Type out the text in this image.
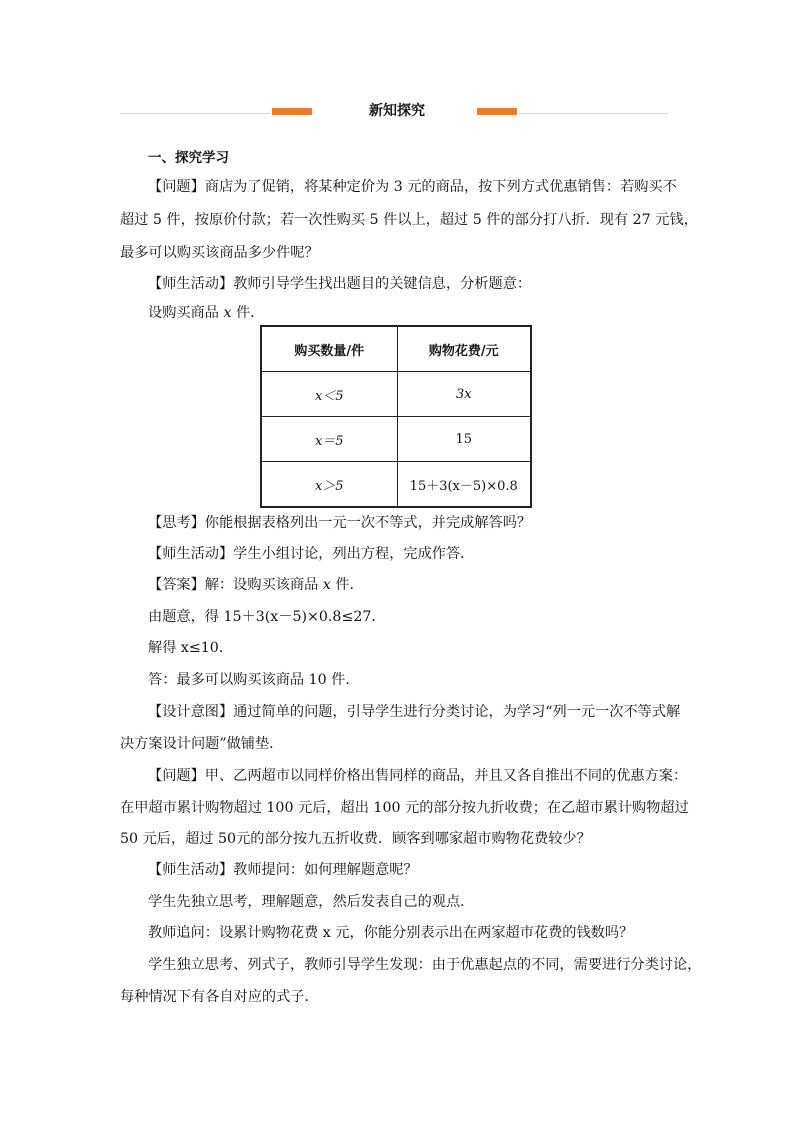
新知探究
一、探究学习
【问题】商店为了促销，将某种定价为 3 元的商品，按下列方式优惠销售：若购买不
超过 5 件，按原价付款；若一次性购买 5 件以上，超过 5 件的部分打八折．现有 27 元钱，
最多可以购买该商品多少件呢？
【师生活动】教师引导学生找出题目的关键信息，分析题意：
设购买商品 x 件．
购买数量/件	购物花费/元
x＜5	3x
x＝5	15
x＞5	15＋3(x－5)×0.8
【思考】你能根据表格列出一元一次不等式，并完成解答吗？
【师生活动】学生小组讨论，列出方程，完成作答．
【答案】解：设购买该商品 x 件．
由题意，得 15＋3(x－5)×0.8≤27．
解得 x≤10．
答：最多可以购买该商品 10 件．
【设计意图】通过简单的问题，引导学生进行分类讨论，为学习“列一元一次不等式解
决方案设计问题”做铺垫．
【问题】甲、乙两超市以同样价格出售同样的商品，并且又各自推出不同的优惠方案：
在甲超市累计购物超过 100 元后，超出 100 元的部分按九折收费；在乙超市累计购物超过
50 元后，超过 50元的部分按九五折收费．顾客到哪家超市购物花费较少？
【师生活动】教师提问：如何理解题意呢？
学生先独立思考，理解题意，然后发表自己的观点．
教师追问：设累计购物花费 x 元，你能分别表示出在两家超市花费的钱数吗？
学生独立思考、列式子，教师引导学生发现：由于优惠起点的不同，需要进行分类讨论，
每种情况下有各自对应的式子．
